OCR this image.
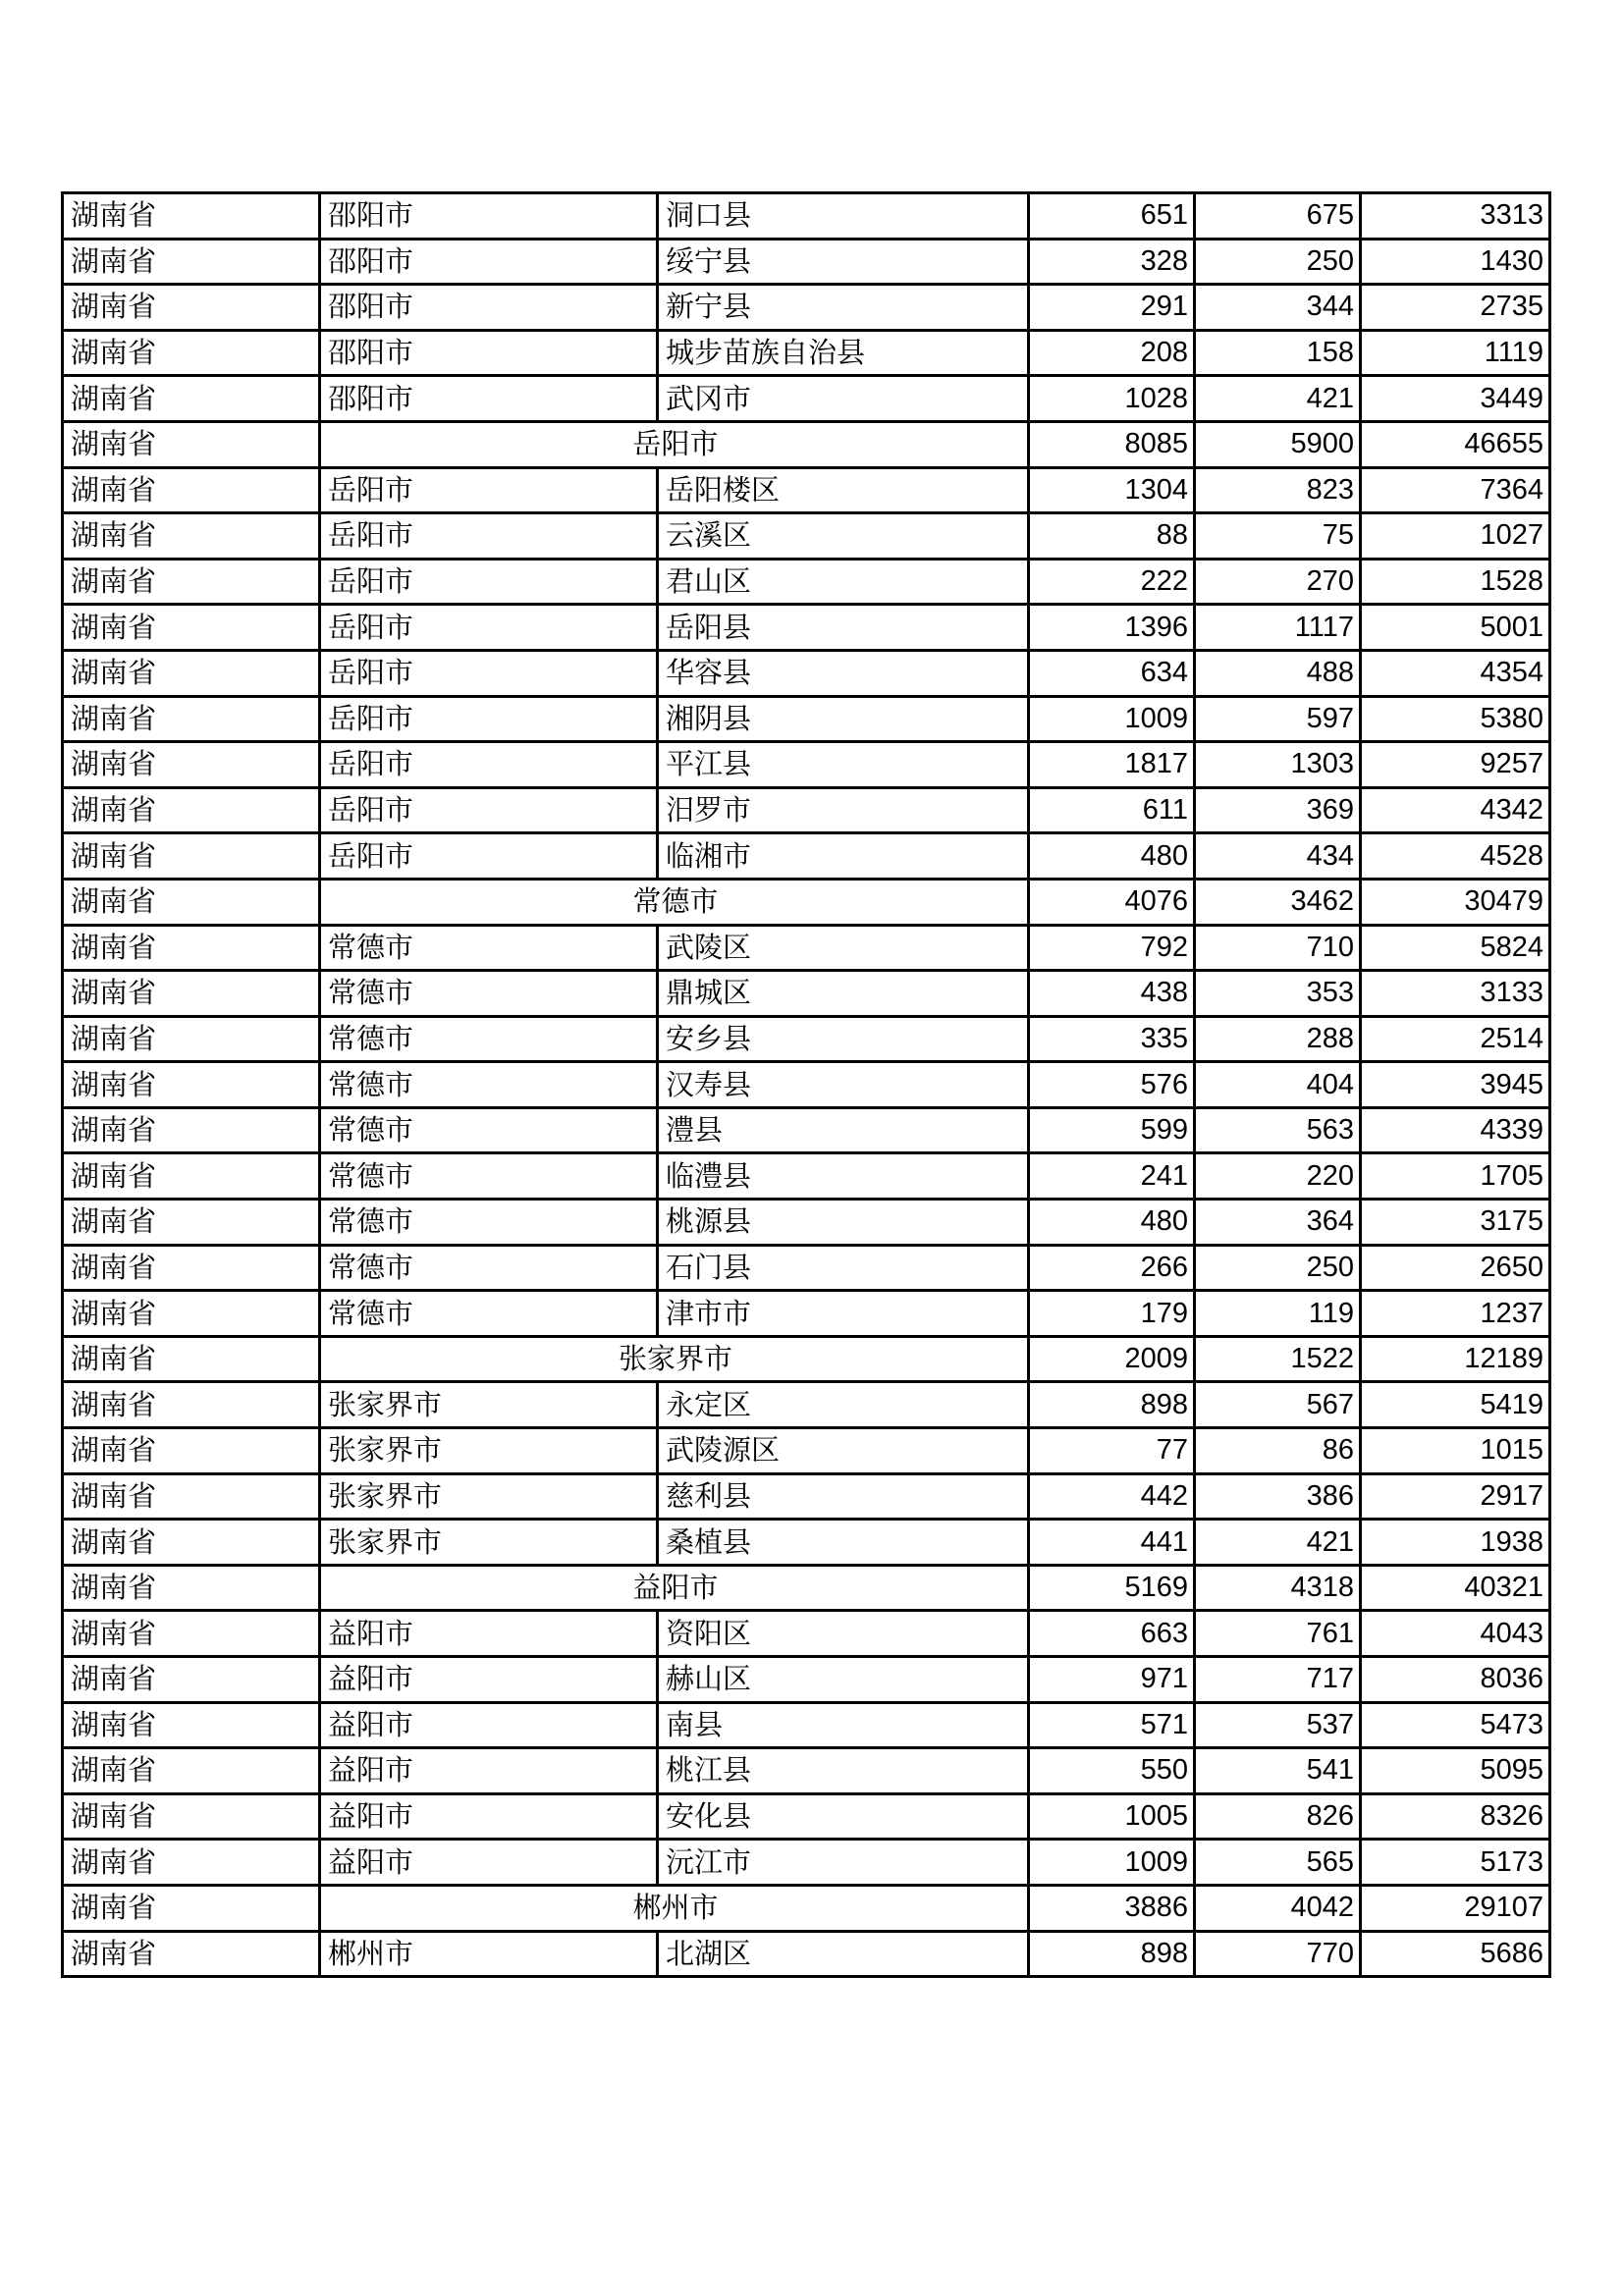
湖南省	邵阳市	洞口县	651	675	3313
湖南省	邵阳市	绥宁县	328	250	1430
湖南省	邵阳市	新宁县	291	344	2735
湖南省	邵阳市	城步苗族自治县	208	158	1119
湖南省	邵阳市	武冈市	1028	421	3449
湖南省	岳阳市		8085	5900	46655
湖南省	岳阳市	岳阳楼区	1304	823	7364
湖南省	岳阳市	云溪区	88	75	1027
湖南省	岳阳市	君山区	222	270	1528
湖南省	岳阳市	岳阳县	1396	1117	5001
湖南省	岳阳市	华容县	634	488	4354
湖南省	岳阳市	湘阴县	1009	597	5380
湖南省	岳阳市	平江县	1817	1303	9257
湖南省	岳阳市	汨罗市	611	369	4342
湖南省	岳阳市	临湘市	480	434	4528
湖南省	常德市		4076	3462	30479
湖南省	常德市	武陵区	792	710	5824
湖南省	常德市	鼎城区	438	353	3133
湖南省	常德市	安乡县	335	288	2514
湖南省	常德市	汉寿县	576	404	3945
湖南省	常德市	澧县	599	563	4339
湖南省	常德市	临澧县	241	220	1705
湖南省	常德市	桃源县	480	364	3175
湖南省	常德市	石门县	266	250	2650
湖南省	常德市	津市市	179	119	1237
湖南省	张家界市		2009	1522	12189
湖南省	张家界市	永定区	898	567	5419
湖南省	张家界市	武陵源区	77	86	1015
湖南省	张家界市	慈利县	442	386	2917
湖南省	张家界市	桑植县	441	421	1938
湖南省	益阳市		5169	4318	40321
湖南省	益阳市	资阳区	663	761	4043
湖南省	益阳市	赫山区	971	717	8036
湖南省	益阳市	南县	571	537	5473
湖南省	益阳市	桃江县	550	541	5095
湖南省	益阳市	安化县	1005	826	8326
湖南省	益阳市	沅江市	1009	565	5173
湖南省	郴州市		3886	4042	29107
湖南省	郴州市	北湖区	898	770	5686
